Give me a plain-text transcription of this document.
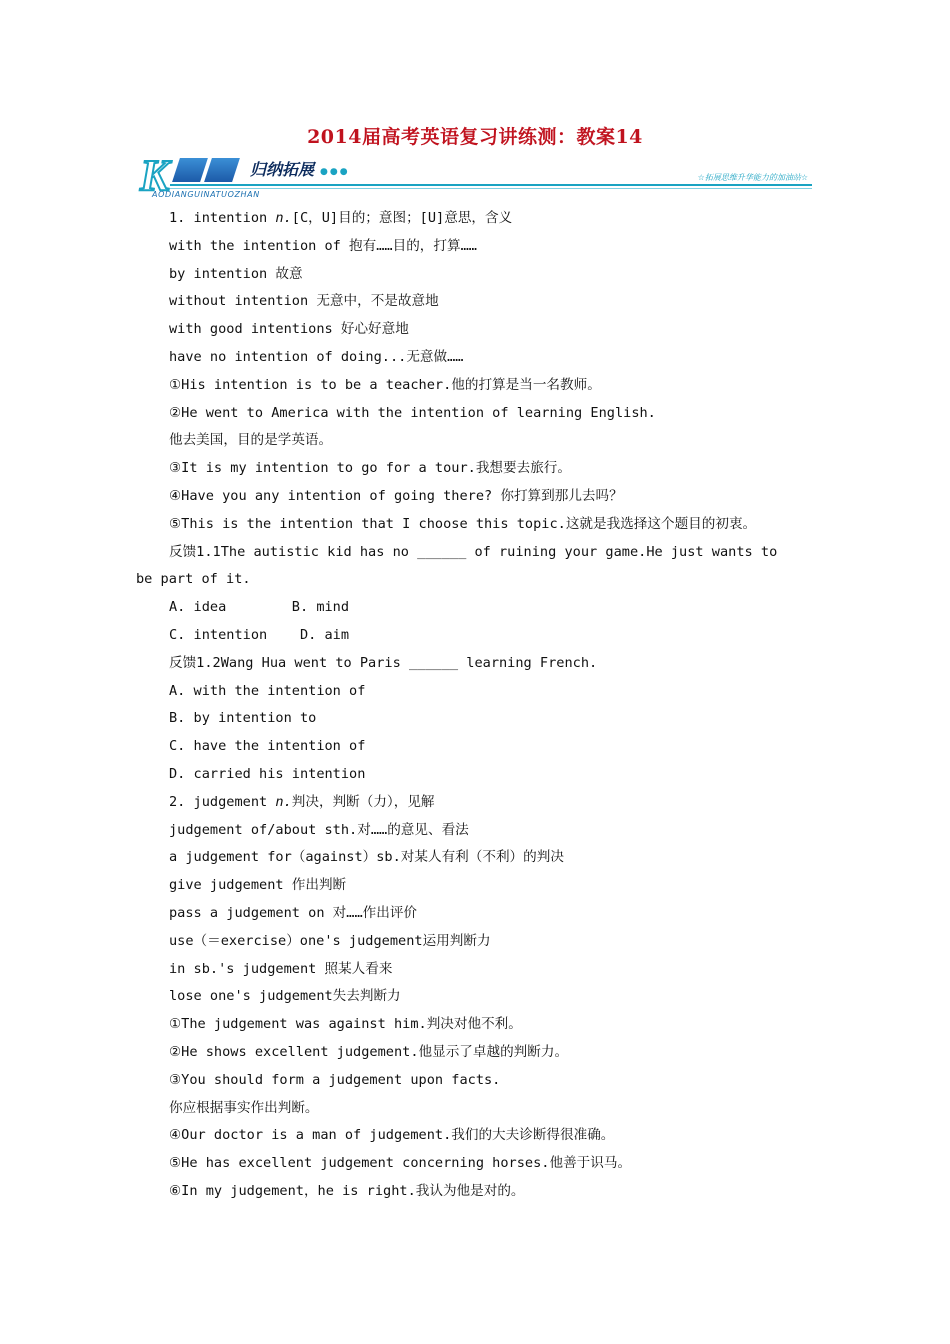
2014届高考英语复习讲练测：教案14
K	归纳拓展 ●●●
AODIANGUINATUOZHAN
☆拓展思维升华能力的加油站☆
1. intention n.[C，U]目的；意图；[U]意思，含义
with the intention of 抱有……目的，打算……
by intention 故意
without intention 无意中，不是故意地
with good intentions 好心好意地
have no intention of doing...无意做……
①His intention is to be a teacher.他的打算是当一名教师。
②He went to America with the intention of learning English.
他去美国，目的是学英语。
③It is my intention to go for a tour.我想要去旅行。
④Have you any intention of going there? 你打算到那儿去吗？
⑤This is the intention that I choose this topic.这就是我选择这个题目的初衷。
反馈1.1The autistic kid has no ______ of ruining your game.He just wants to
be part of it.
A. idea        B. mind
C. intention    D. aim
反馈1.2Wang Hua went to Paris ______ learning French.
A. with the intention of
B. by intention to
C. have the intention of
D. carried his intention
2. judgement n.判决，判断（力），见解
judgement of/about sth.对……的意见、看法
a judgement for（against）sb.对某人有利（不利）的判决
give judgement 作出判断
pass a judgement on 对……作出评价
use（＝exercise）one's judgement运用判断力
in sb.'s judgement 照某人看来
lose one's judgement失去判断力
①The judgement was against him.判决对他不利。
②He shows excellent judgement.他显示了卓越的判断力。
③You should form a judgement upon facts.
你应根据事实作出判断。
④Our doctor is a man of judgement.我们的大夫诊断得很准确。
⑤He has excellent judgement concerning horses.他善于识马。
⑥In my judgement，he is right.我认为他是对的。
